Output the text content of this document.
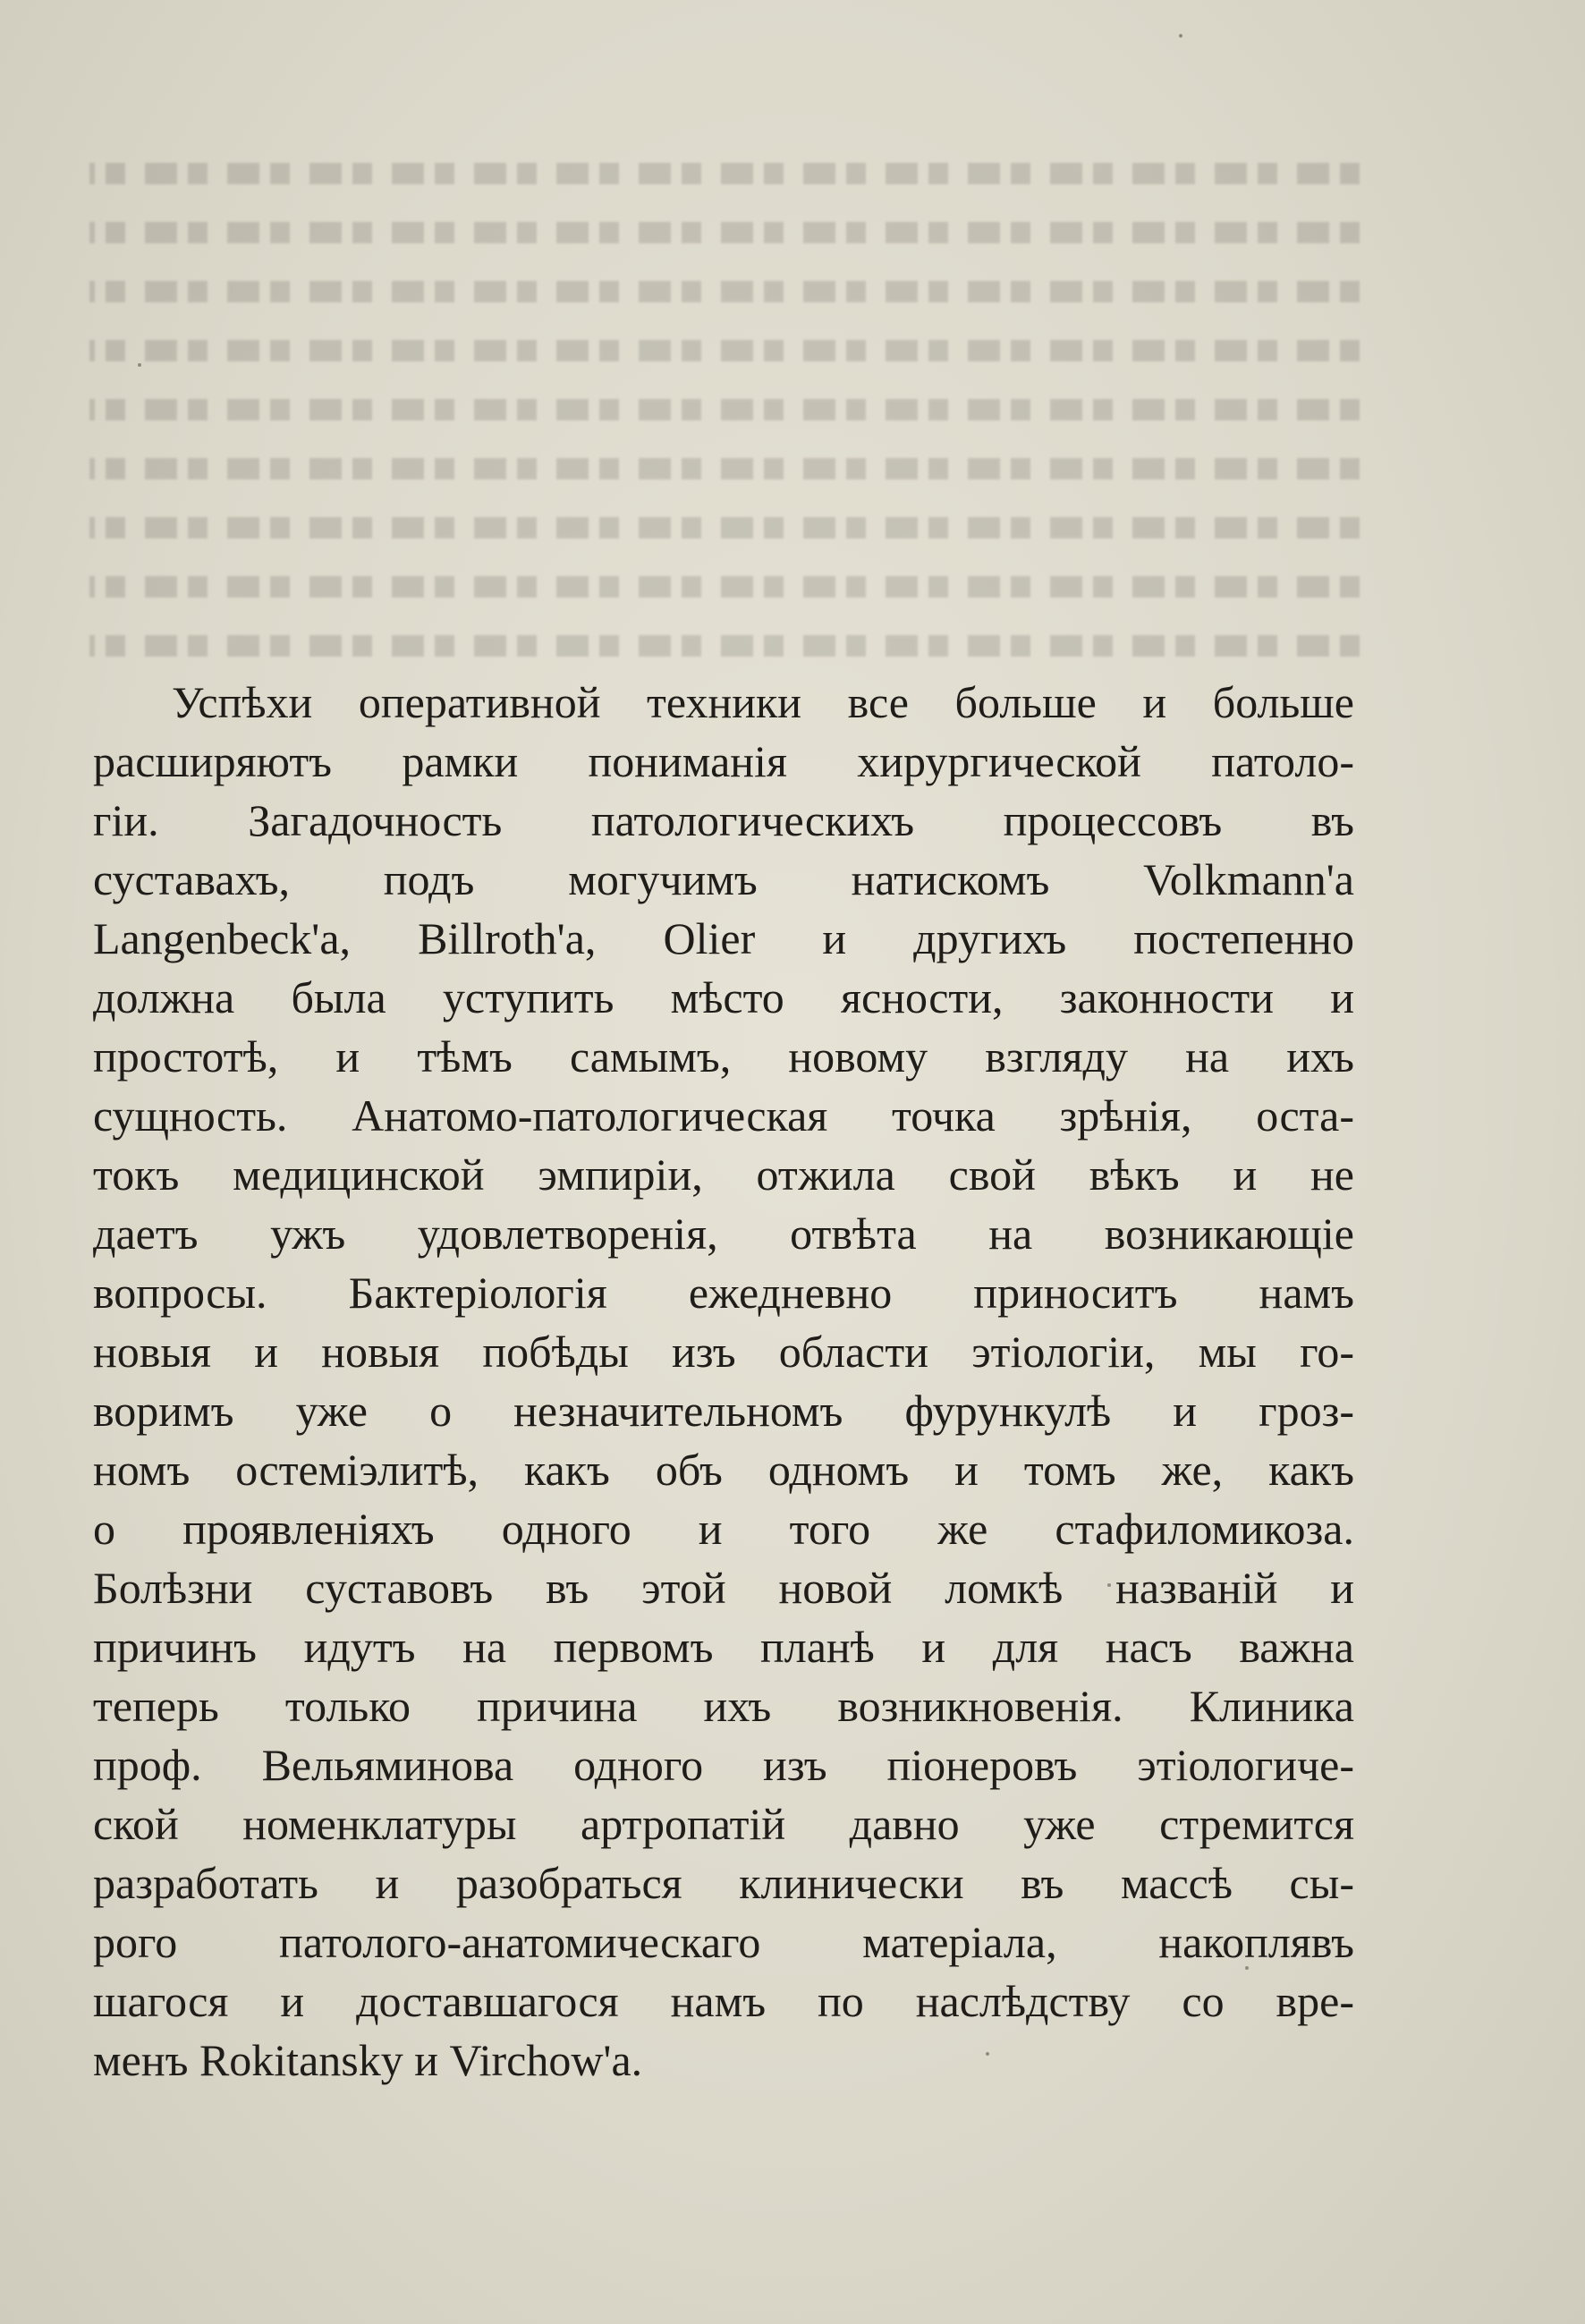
Успѣхи оперативной техники все больше и больше
расширяютъ рамки пониманія хирургической патоло-
гіи. Загадочность патологическихъ процессовъ въ
суставахъ, подъ могучимъ натискомъ Volkmann'a
Langenbeck'a, Billroth'a, Olier и другихъ постепенно
должна была уступить мѣсто ясности, законности и
простотѣ, и тѣмъ самымъ, новому взгляду на ихъ
сущность. Анатомо-патологическая точка зрѣнія, оста-
токъ медицинской эмпиріи, отжила свой вѣкъ и не
даетъ ужъ удовлетворенія, отвѣта на возникающіе
вопросы. Бактеріологія ежедневно приноситъ намъ
новыя и новыя побѣды изъ области этіологіи, мы го-
воримъ уже о незначительномъ фурункулѣ и гроз-
номъ остеміэлитѣ, какъ объ одномъ и томъ же, какъ
о проявленіяхъ одного и того же стафиломикоза.
Болѣзни суставовъ въ этой новой ломкѣ названій и
причинъ идутъ на первомъ планѣ и для насъ важна
теперь только причина ихъ возникновенія. Клиника
проф. Вельяминова одного изъ піонеровъ этіологиче-
ской номенклатуры артропатій давно уже стремится
разработать и разобраться клинически въ массѣ сы-
рого патолого-анатомическаго матеріала, накоплявъ
шагося и доставшагося намъ по наслѣдству со вре-
менъ Rokitansky и Virchow'a.
